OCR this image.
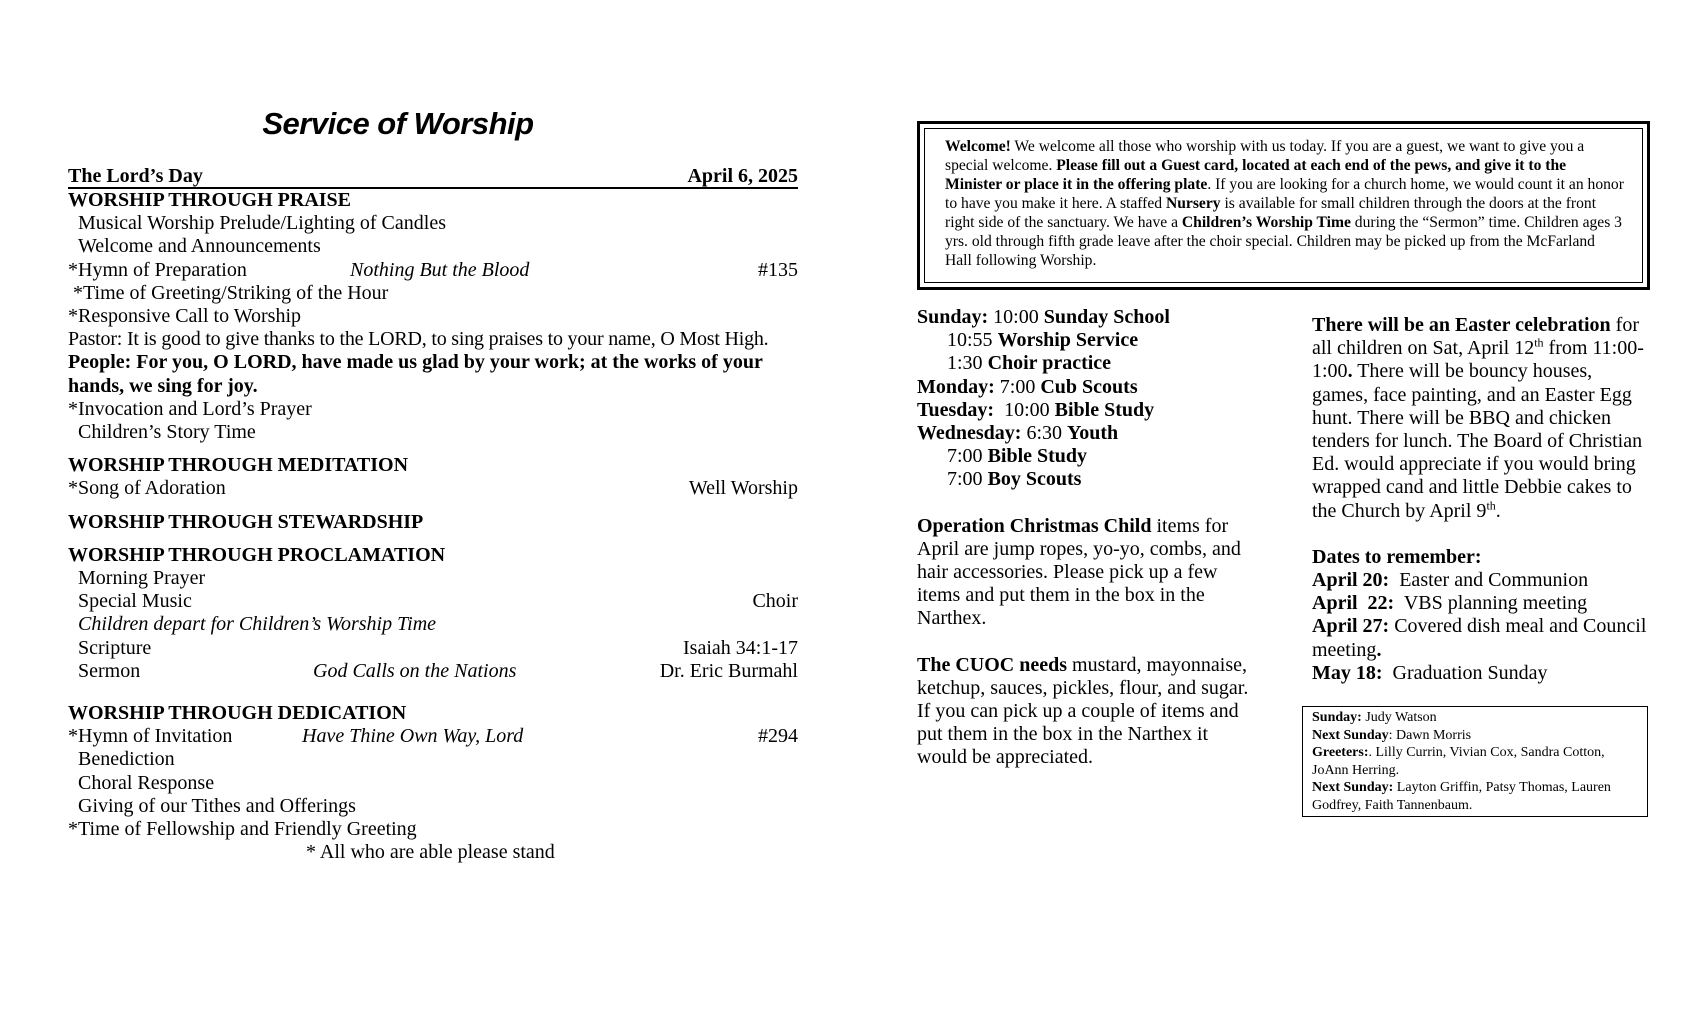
Service of Worship
The Lord’s Day	April 6, 2025
WORSHIP THROUGH PRAISE
Musical Worship Prelude/Lighting of Candles
Welcome and Announcements
*Hymn of Preparation	Nothing But the Blood	#135
*Time of Greeting/Striking of the Hour
*Responsive Call to Worship
Pastor: It is good to give thanks to the LORD, to sing praises to your name, O Most High.
People: For you, O LORD, have made us glad by your work; at the works of your hands, we sing for joy.
*Invocation and Lord’s Prayer
Children’s Story Time
WORSHIP THROUGH MEDITATION
*Song of Adoration	Well Worship
WORSHIP THROUGH STEWARDSHIP
WORSHIP THROUGH PROCLAMATION
Morning Prayer
Special Music	Choir
Children depart for Children’s Worship Time
Scripture	Isaiah 34:1-17
Sermon	God Calls on the Nations	Dr. Eric Burmahl
WORSHIP THROUGH DEDICATION
*Hymn of Invitation	Have Thine Own Way, Lord	#294
Benediction
Choral Response
Giving of our Tithes and Offerings
*Time of Fellowship and Friendly Greeting
* All who are able please stand
Welcome! We welcome all those who worship with us today. If you are a guest, we want to give you a special welcome. Please fill out a Guest card, located at each end of the pews, and give it to the Minister or place it in the offering plate. If you are looking for a church home, we would count it an honor to have you make it here. A staffed Nursery is available for small children through the doors at the front right side of the sanctuary. We have a Children’s Worship Time during the “Sermon” time. Children ages 3 yrs. old through fifth grade leave after the choir special. Children may be picked up from the McFarland Hall following Worship.
Sunday: 10:00 Sunday School
10:55 Worship Service
1:30 Choir practice
Monday: 7:00 Cub Scouts
Tuesday:  10:00 Bible Study
Wednesday: 6:30 Youth
7:00 Bible Study
7:00 Boy Scouts
Operation Christmas Child items for April are jump ropes, yo-yo, combs, and hair accessories. Please pick up a few items and put them in the box in the Narthex.
The CUOC needs mustard, mayonnaise, ketchup, sauces, pickles, flour, and sugar. If you can pick up a couple of items and put them in the box in the Narthex it would be appreciated.
There will be an Easter celebration for all children on Sat, April 12th from 11:00-1:00. There will be bouncy houses, games, face painting, and an Easter Egg hunt. There will be BBQ and chicken tenders for lunch. The Board of Christian Ed. would appreciate if you would bring wrapped cand and little Debbie cakes to the Church by April 9th.
Dates to remember:
April 20:  Easter and Communion
April  22:  VBS planning meeting
April 27: Covered dish meal and Council meeting.
May 18:  Graduation Sunday
Sunday: Judy Watson
Next Sunday: Dawn Morris
Greeters:. Lilly Currin, Vivian Cox, Sandra Cotton, JoAnn Herring.
Next Sunday: Layton Griffin, Patsy Thomas, Lauren Godfrey, Faith Tannenbaum.
